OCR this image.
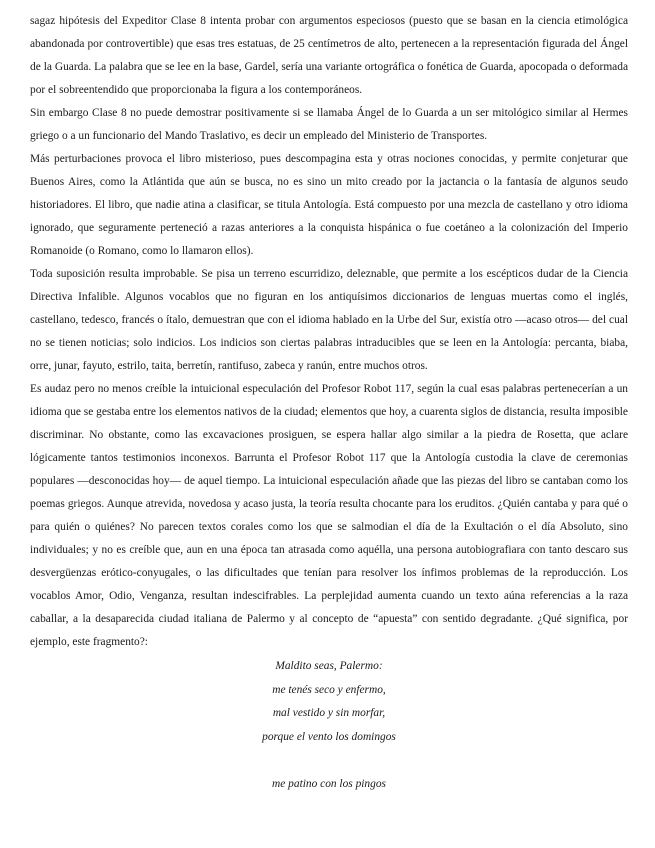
sagaz hipótesis del Expeditor Clase 8 intenta probar con argumentos especiosos (puesto que se basan en la ciencia etimológica abandonada por controvertible) que esas tres estatuas, de 25 centímetros de alto, pertenecen a la representación figurada del Ángel de la Guarda. La palabra que se lee en la base, Gardel, sería una variante ortográfica o fonética de Guarda, apocopada o deformada por el sobreentendido que proporcionaba la figura a los contemporáneos.

Sin embargo Clase 8 no puede demostrar positivamente si se llamaba Ángel de lo Guarda a un ser mitológico similar al Hermes griego o a un funcionario del Mando Traslativo, es decir un empleado del Ministerio de Transportes.

Más perturbaciones provoca el libro misterioso, pues descompagina esta y otras nociones conocidas, y permite conjeturar que Buenos Aires, como la Atlántida que aún se busca, no es sino un mito creado por la jactancia o la fantasía de algunos seudo historiadores. El libro, que nadie atina a clasificar, se titula Antología. Está compuesto por una mezcla de castellano y otro idioma ignorado, que seguramente perteneció a razas anteriores a la conquista hispánica o fue coetáneo a la colonización del Imperio Romanoide (o Romano, como lo llamaron ellos).

Toda suposición resulta improbable. Se pisa un terreno escurridizo, deleznable, que permite a los escépticos dudar de la Ciencia Directiva Infalible. Algunos vocablos que no figuran en los antiquísimos diccionarios de lenguas muertas como el inglés, castellano, tedesco, francés o ítalo, demuestran que con el idioma hablado en la Urbe del Sur, existía otro —acaso otros— del cual no se tienen noticias; solo indicios. Los indicios son ciertas palabras intraducibles que se leen en la Antología: percanta, biaba, orre, junar, fayuto, estrilo, taita, berretín, rantifuso, zabeca y ranún, entre muchos otros.

Es audaz pero no menos creíble la intuicional especulación del Profesor Robot 117, según la cual esas palabras pertenecerían a un idioma que se gestaba entre los elementos nativos de la ciudad; elementos que hoy, a cuarenta siglos de distancia, resulta imposible discriminar. No obstante, como las excavaciones prosiguen, se espera hallar algo similar a la piedra de Rosetta, que aclare lógicamente tantos testimonios inconexos. Barrunta el Profesor Robot 117 que la Antología custodia la clave de ceremonias populares —desconocidas hoy— de aquel tiempo. La intuicional especulación añade que las piezas del libro se cantaban como los poemas griegos. Aunque atrevida, novedosa y acaso justa, la teoría resulta chocante para los eruditos. ¿Quién cantaba y para qué o para quién o quiénes? No parecen textos corales como los que se salmodian el día de la Exultación o el día Absoluto, sino individuales; y no es creíble que, aun en una época tan atrasada como aquélla, una persona autobiografiara con tanto descaro sus desvergüenzas erótico-conyugales, o las dificultades que tenían para resolver los ínfimos problemas de la reproducción. Los vocablos Amor, Odio, Venganza, resultan indescifrables. La perplejidad aumenta cuando un texto aúna referencias a la raza caballar, a la desaparecida ciudad italiana de Palermo y al concepto de “apuesta” con sentido degradante. ¿Qué significa, por ejemplo, este fragmento?:

Maldito seas, Palermo:
me tenés seco y enfermo,
mal vestido y sin morfar,
porque el vento los domingos
me patino con los pingos
